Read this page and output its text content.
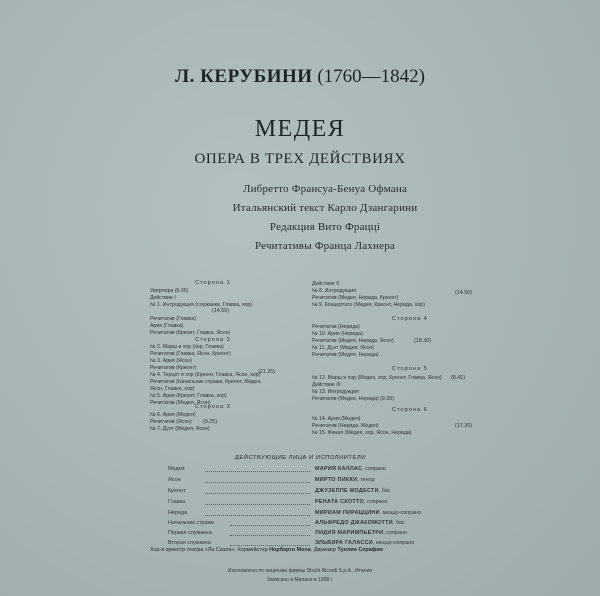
Л. КЕРУБИНИ (1760—1842)
МЕДЕЯ
ОПЕРА В ТРЕХ ДЕЙСТВИЯХ
Либретто Франсуа-Бенуа Офмана
Итальянский текст Карло Дзангарини
Редакция Вито Фраццi
Речитативы Франца Лахнера
Сторона 1
Увертюра (6.05)
Действие I
№ 1. Интродукция (служанки, Главка, хор)
Речитатив (Главка)
Ария (Главка)
Речитатив (Креонт, Главка, Ясон)
(14.55)
Сторона 2
№ 2. Марш и хор (хор, Главка)
Речитатив (Главка, Ясон, Креонт)
№ 3. Ария (Ясон)
Речитатив (Креонт)
№ 4. Терцет и хор (Креонт, Главка, Ясон, хор)
Речитатив (Начальник стражи, Креонт, Медея,
Ясон, Главка, хор)
№ 5. Ария (Креонт, Главка, хор)
Речитатив (Медея, Ясон)
(21.25)
Сторона 3
№ 6. Ария (Медея)
Речитатив (Ясон)
№ 7. Дуэт (Медея, Ясон)
(9.25)
Действие II
№ 8. Интродукция
Речитатив (Медея, Нерида, Креонт)
№ 9. Концертато (Медея, Креонт, Нерида, хор)
(14.50)
Сторона 4
Речитатив (Нерида)
№ 10. Ария (Нерида)
Речитатив (Медея, Нерида, Ясон)
№ 11. Дуэт (Медея, Ясон)
Речитатив (Медея, Нерида)
(18.30)
Сторона 5
№ 12. Марш и хор (Медея, хор, Креонт, Главка, Ясон)
Действие III
№ 13. Интродукция
Речитатив (Медея, Нерида)
(8.41)
(9.30)
Сторона 6
№ 14. Ария (Медея)
Речитатив (Нерида, Медея)
№ 15. Финал (Медея, хор, Ясон, Нерида)
(17.30)
ДЕЙСТВУЮЩИЕ ЛИЦА И ИСПОЛНИТЕЛИ
Медея	МАРИЯ КАЛЛАС, сопрано
Ясон	МИРТО ПИККИ, тенор
Креонт	ДЖУЗЕППЕ МОДЕСТИ, бас
Главка	РЕНАТА СКОТТО, сопрано
Нерида	МИРИАМ ПИРАЦЦИНИ, меццо-сопрано
Начальник стражи	АЛЬФРЕДО ДЖАКОМОТТИ, бас
Первая служанка	ЛИДИЯ МАРИМПЬЕТРИ, сопрано
Вторая служанка	ЭЛЬВИРА ГАЛАССИ, меццо-сопрано
Хор и оркестр театра «Ла Скала». Хормейстер Норберто Мола. Дирижер Туллио Серафин
Изготовлено по лицензии фирмы Dischi Ricordi S.p.A., Италия
Записано в Милане в 1958 г.
